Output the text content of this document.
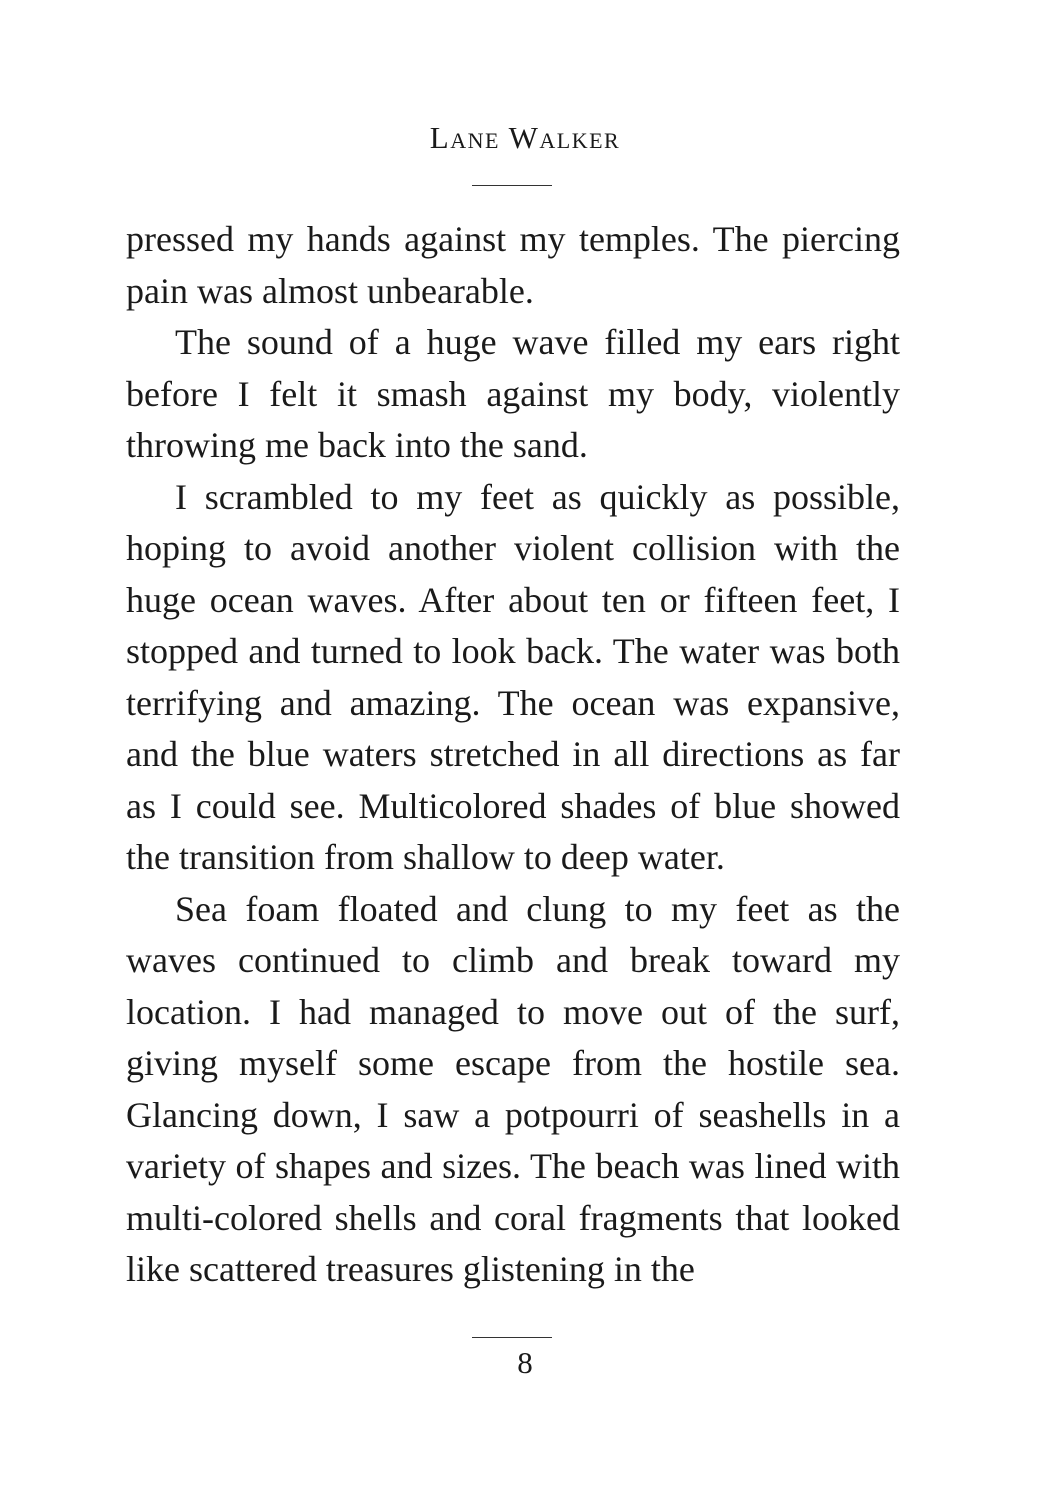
Lane Walker

pressed my hands against my temples. The piercing pain was almost unbearable.

The sound of a huge wave filled my ears right before I felt it smash against my body, violently throwing me back into the sand.

I scrambled to my feet as quickly as possible, hoping to avoid another violent collision with the huge ocean waves. After about ten or fifteen feet, I stopped and turned to look back. The water was both terrifying and amazing. The ocean was expansive, and the blue waters stretched in all directions as far as I could see. Multicolored shades of blue showed the transition from shallow to deep water.

Sea foam floated and clung to my feet as the waves continued to climb and break toward my location. I had managed to move out of the surf, giving myself some escape from the hostile sea. Glancing down, I saw a potpourri of seashells in a variety of shapes and sizes. The beach was lined with multi-colored shells and coral fragments that looked like scattered treasures glistening in the

8
